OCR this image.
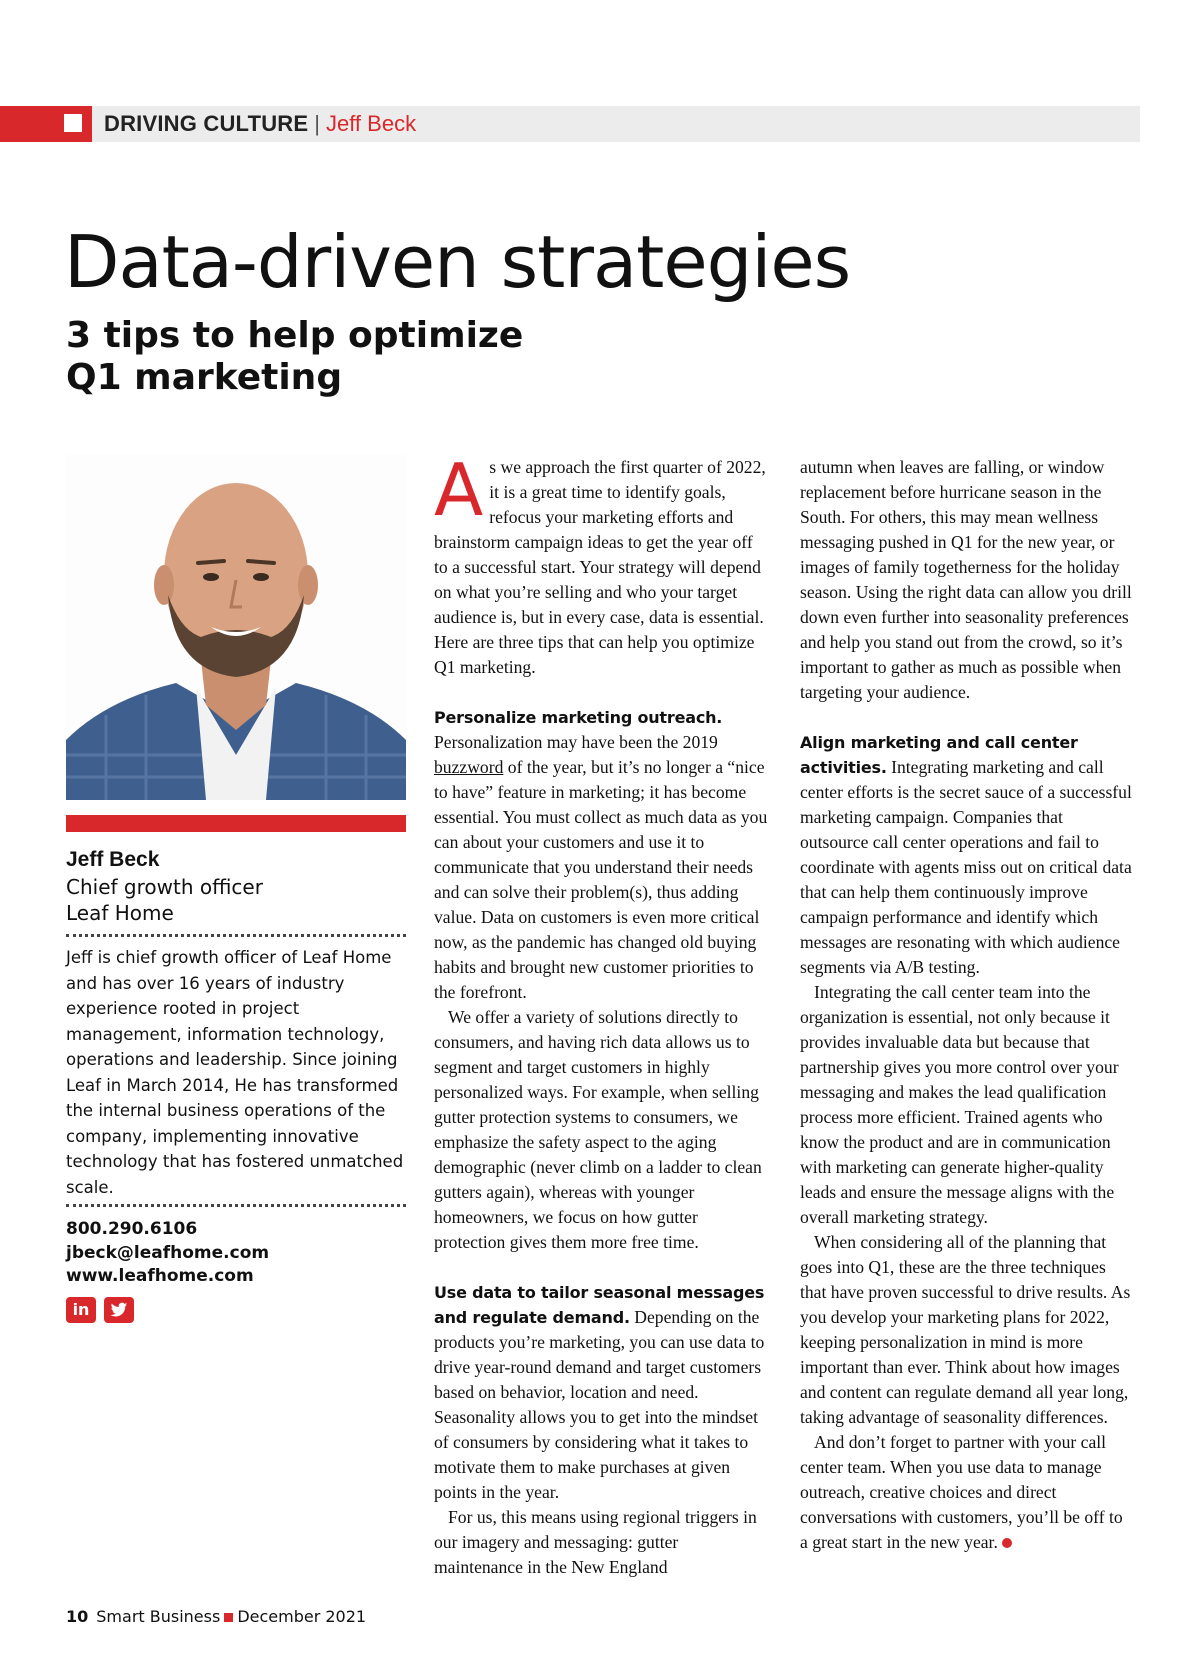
DRIVING CULTURE | Jeff Beck
Data-driven strategies
3 tips to help optimize
Q1 marketing
Jeff Beck
Chief growth officer
Leaf Home
Jeff is chief growth officer of Leaf Home and has over 16 years of industry experience rooted in project management, information technology, operations and leadership. Since joining Leaf in March 2014, He has transformed the internal business operations of the company, implementing innovative technology that has fostered unmatched scale.
800.290.6106
jbeck@leafhome.com
www.leafhome.com
in

As we approach the first quarter of 2022, it is a great time to identify goals, refocus your marketing efforts and brainstorm campaign ideas to get the year off to a successful start. Your strategy will depend on what you’re selling and who your target audience is, but in every case, data is essential. Here are three tips that can help you optimize Q1 marketing.

Personalize marketing outreach.

Personalization may have been the 2019 buzzword of the year, but it’s no longer a “nice to have” feature in marketing; it has become essential. You must collect as much data as you can about your customers and use it to communicate that you understand their needs and can solve their problem(s), thus adding value. Data on customers is even more critical now, as the pandemic has changed old buying habits and brought new customer priorities to the forefront.

We offer a variety of solutions directly to consumers, and having rich data allows us to segment and target customers in highly personalized ways. For example, when selling gutter protection systems to consumers, we emphasize the safety aspect to the aging demographic (never climb on a ladder to clean gutters again), whereas with younger homeowners, we focus on how gutter protection gives them more free time.

Use data to tailor seasonal messages and regulate demand. Depending on the products you’re marketing, you can use data to drive year-round demand and target customers based on behavior, location and need. Seasonality allows you to get into the mindset of consumers by considering what it takes to motivate them to make purchases at given points in the year.

For us, this means using regional triggers in our imagery and messaging: gutter maintenance in the New England

autumn when leaves are falling, or window replacement before hurricane season in the South. For others, this may mean wellness messaging pushed in Q1 for the new year, or images of family togetherness for the holiday season. Using the right data can allow you drill down even further into seasonality preferences and help you stand out from the crowd, so it’s important to gather as much as possible when targeting your audience.

Align marketing and call center activities. Integrating marketing and call center efforts is the secret sauce of a successful marketing campaign. Companies that outsource call center operations and fail to coordinate with agents miss out on critical data that can help them continuously improve campaign performance and identify which messages are resonating with which audience segments via A/B testing.

Integrating the call center team into the organization is essential, not only because it provides invaluable data but because that partnership gives you more control over your messaging and makes the lead qualification process more efficient. Trained agents who know the product and are in communication with marketing can generate higher-quality leads and ensure the message aligns with the overall marketing strategy.

When considering all of the planning that goes into Q1, these are the three techniques that have proven successful to drive results. As you develop your marketing plans for 2022, keeping personalization in mind is more important than ever. Think about how images and content can regulate demand all year long, taking advantage of seasonality differences.

And don’t forget to partner with your call center team. When you use data to manage outreach, creative choices and direct conversations with customers, you’ll be off to a great start in the new year.

10 Smart Business December 2021
